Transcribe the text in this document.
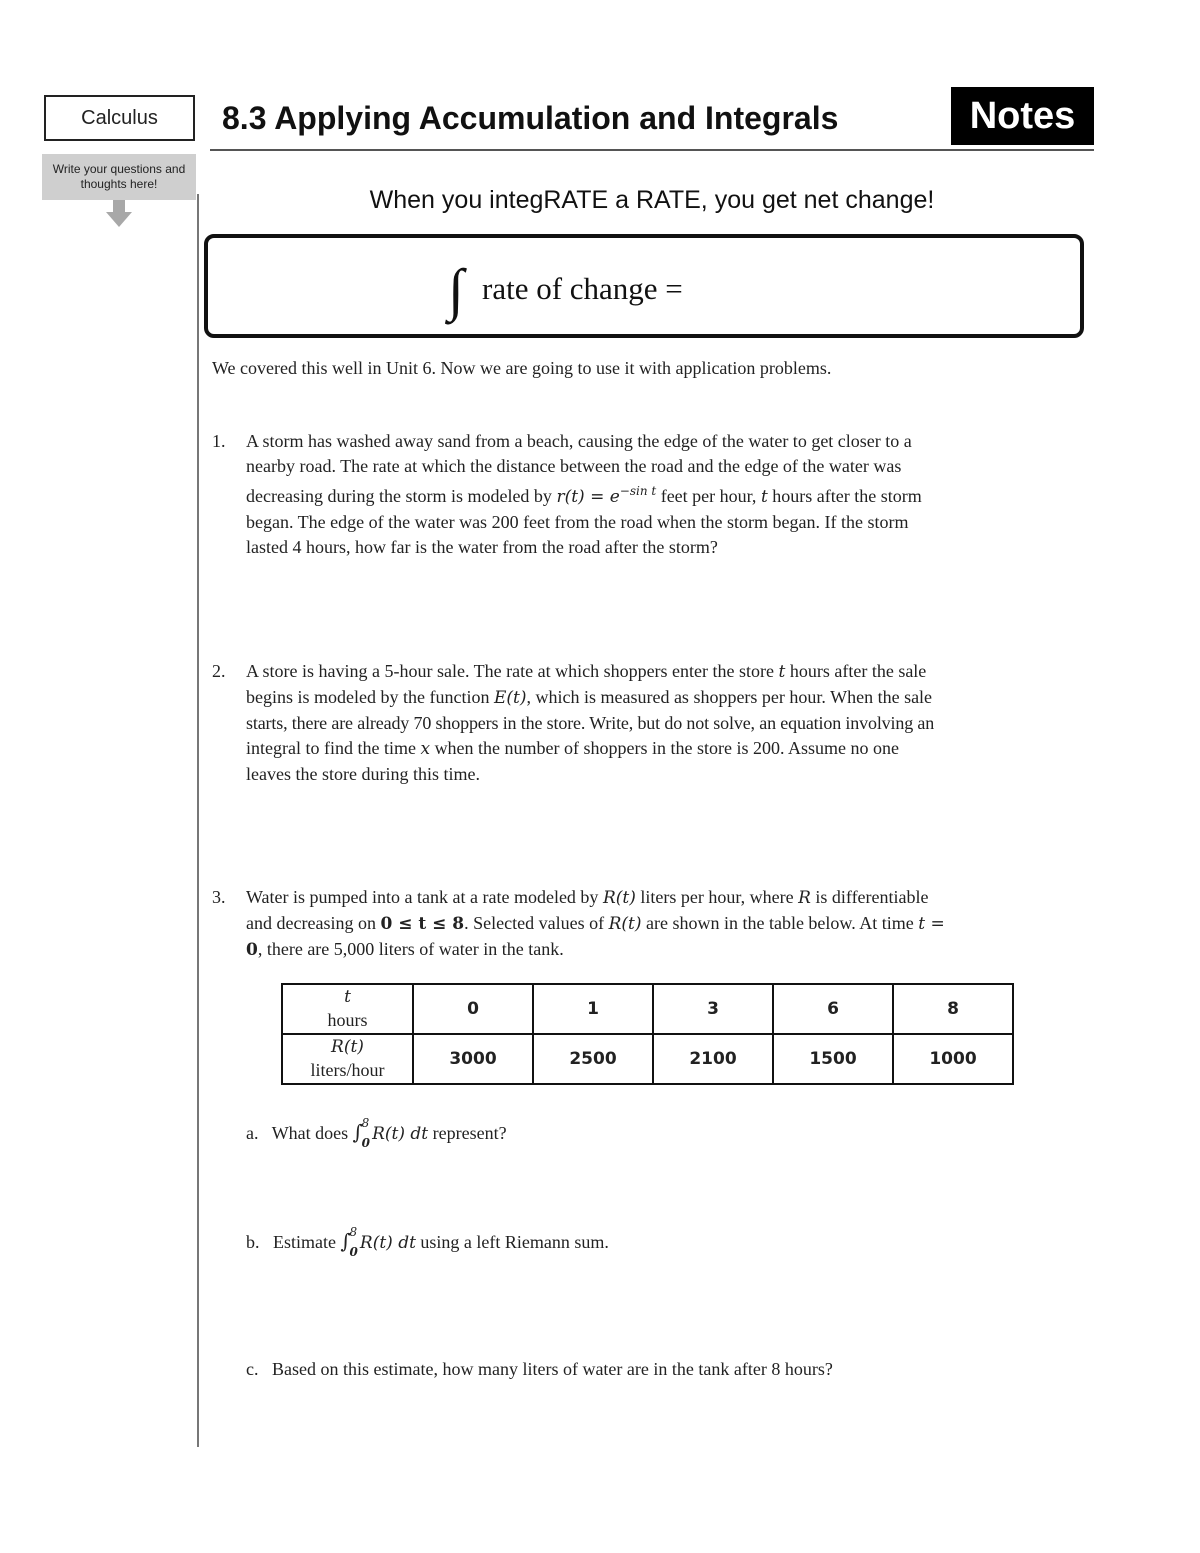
Calculus
Write your questions and thoughts here!
8.3 Applying Accumulation and Integrals	Notes
When you integRATE a RATE, you get net change!
∫ rate of change =
We covered this well in Unit 6. Now we are going to use it with application problems.
1. A storm has washed away sand from a beach, causing the edge of the water to get closer to a
nearby road. The rate at which the distance between the road and the edge of the water was
decreasing during the storm is modeled by $r(t) = e^{-sin t}$ feet per hour, t hours after the storm
began. The edge of the water was 200 feet from the road when the storm began. If the storm
lasted 4 hours, how far is the water from the road after the storm?
2. A store is having a 5-hour sale. The rate at which shoppers enter the store t hours after the sale
begins is modeled by the function E(t), which is measured as shoppers per hour. When the sale
starts, there are already 70 shoppers in the store. Write, but do not solve, an equation involving an
integral to find the time x when the number of shoppers in the store is 200. Assume no one
leaves the store during this time.
3. Water is pumped into a tank at a rate modeled by R(t) liters per hour, where R is differentiable
and decreasing on 0 ≤ t ≤ 8. Selected values of R(t) are shown in the table below. At time t =
0, there are 5,000 liters of water in the tank.
t
hours	0	1	3	6	8

R(t)
liters/hour	3000	2500	2100	1500	1000
a. What does ∫
8
0 R(t) dt represent?
b. Estimate ∫
8
0 R(t) dt using a left Riemann sum.
c. Based on this estimate, how many liters of water are in the tank after 8 hours?
